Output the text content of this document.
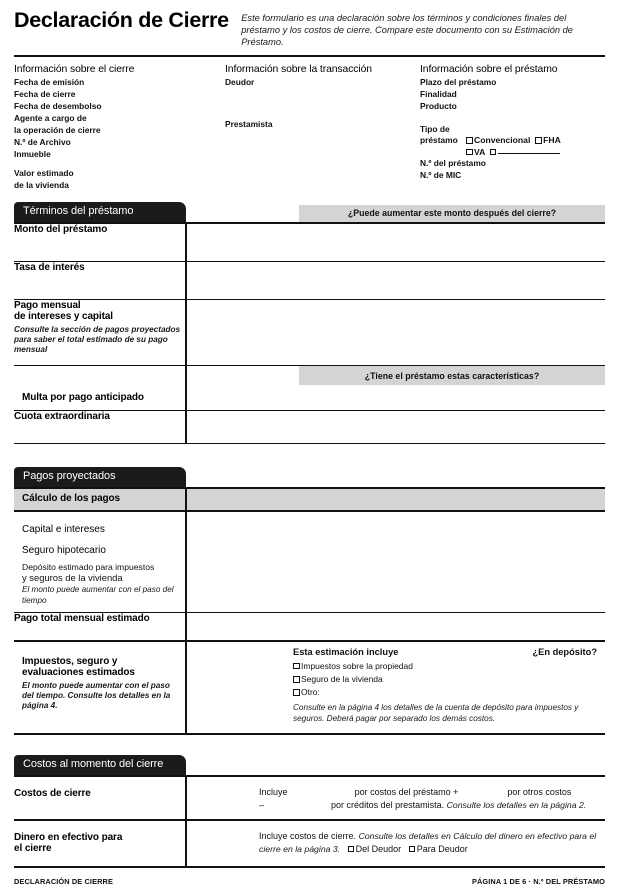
Declaración de Cierre	Este formulario es una declaración sobre los términos y condiciones finales del préstamo y los costos de cierre. Compare este documento con su Estimación de Préstamo.
Información sobre el cierre
Fecha de emisión
Fecha de cierre
Fecha de desembolso
Agente a cargo de
la operación de cierre
N.º de Archivo
Inmueble
Valor estimado
de la vivienda
Información sobre la transacción
Deudor
Prestamista
Información sobre el préstamo
Plazo del préstamo
Finalidad
Producto
Tipo de
préstamo	Convencional FHA
VA
N.º del préstamo
N.º de MIC
Términos del préstamo	¿Puede aumentar este monto después del cierre?
Monto del préstamo	

Tasa de interés	

Pago mensual
de intereses y capital
Consulte la sección de pagos proyectados para saber el total estimado de su pago mensual	

Multa por pago anticipado	¿Tiene el préstamo estas características?

Cuota extraordinaria	

Pagos proyectados
Cálculo de los pagos	

Capital e intereses
Seguro hipotecario
Depósito estimado para impuestos
y seguros de la vivienda
El monto puede aumentar con el paso del tiempo	

Pago total mensual estimado	

Impuestos, seguro y
evaluaciones estimados
El monto puede aumentar con el paso del tiempo. Consulte los detalles en la página 4.

Esta estimación incluye	¿En depósito?
Impuestos sobre la propiedad
Seguro de la vivienda
Otro:
Consulte en la página 4 los detalles de la cuenta de depósito para impuestos y seguros. Deberá pagar por separado los demás costos.
Costos al momento del cierre
Costos de cierre	Incluye por costos del préstamo + por otros costos
– por créditos del prestamista. Consulte los detalles en la página 2.

Dinero en efectivo para
el cierre	Incluye costos de cierre. Consulte los detalles en Cálculo del dinero en efectivo para el cierre en la página 3. Del Deudor Para Deudor
DECLARACIÓN DE CIERRE	PÁGINA 1 DE 6 · N.º DEL PRÉSTAMO
